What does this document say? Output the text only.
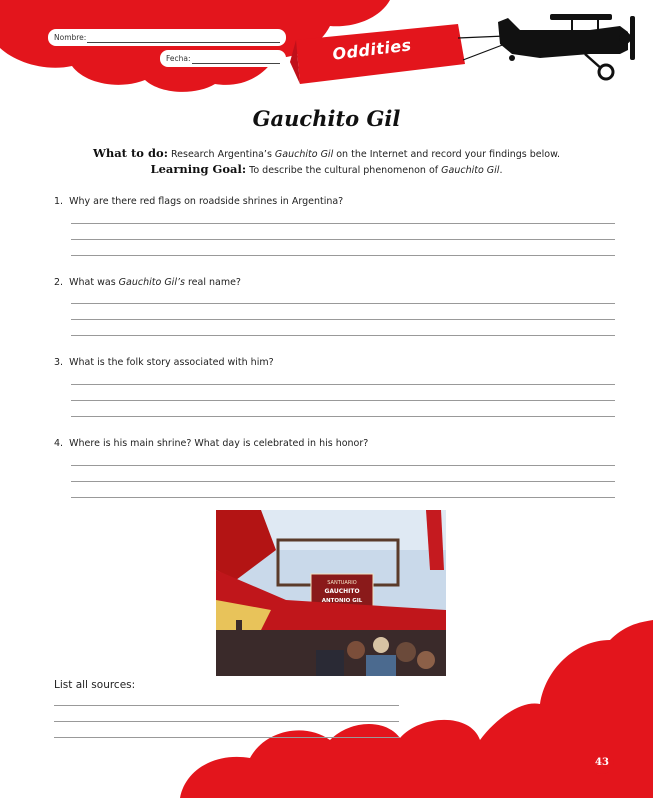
Nombre:
Fecha:	Oddities
Gauchito Gil
What to do: Research Argentina’s Gauchito Gil on the Internet and record your findings below.
Learning Goal: To describe the cultural phenomenon of Gauchito Gil.
1. Why are there red flags on roadside shrines in Argentina?
2. What was Gauchito Gil’s real name?
3. What is the folk story associated with him?
4. Where is his main shrine? What day is celebrated in his honor?
SANTUARIO
GAUCHITO
ANTONIO GIL
List all sources:
43
